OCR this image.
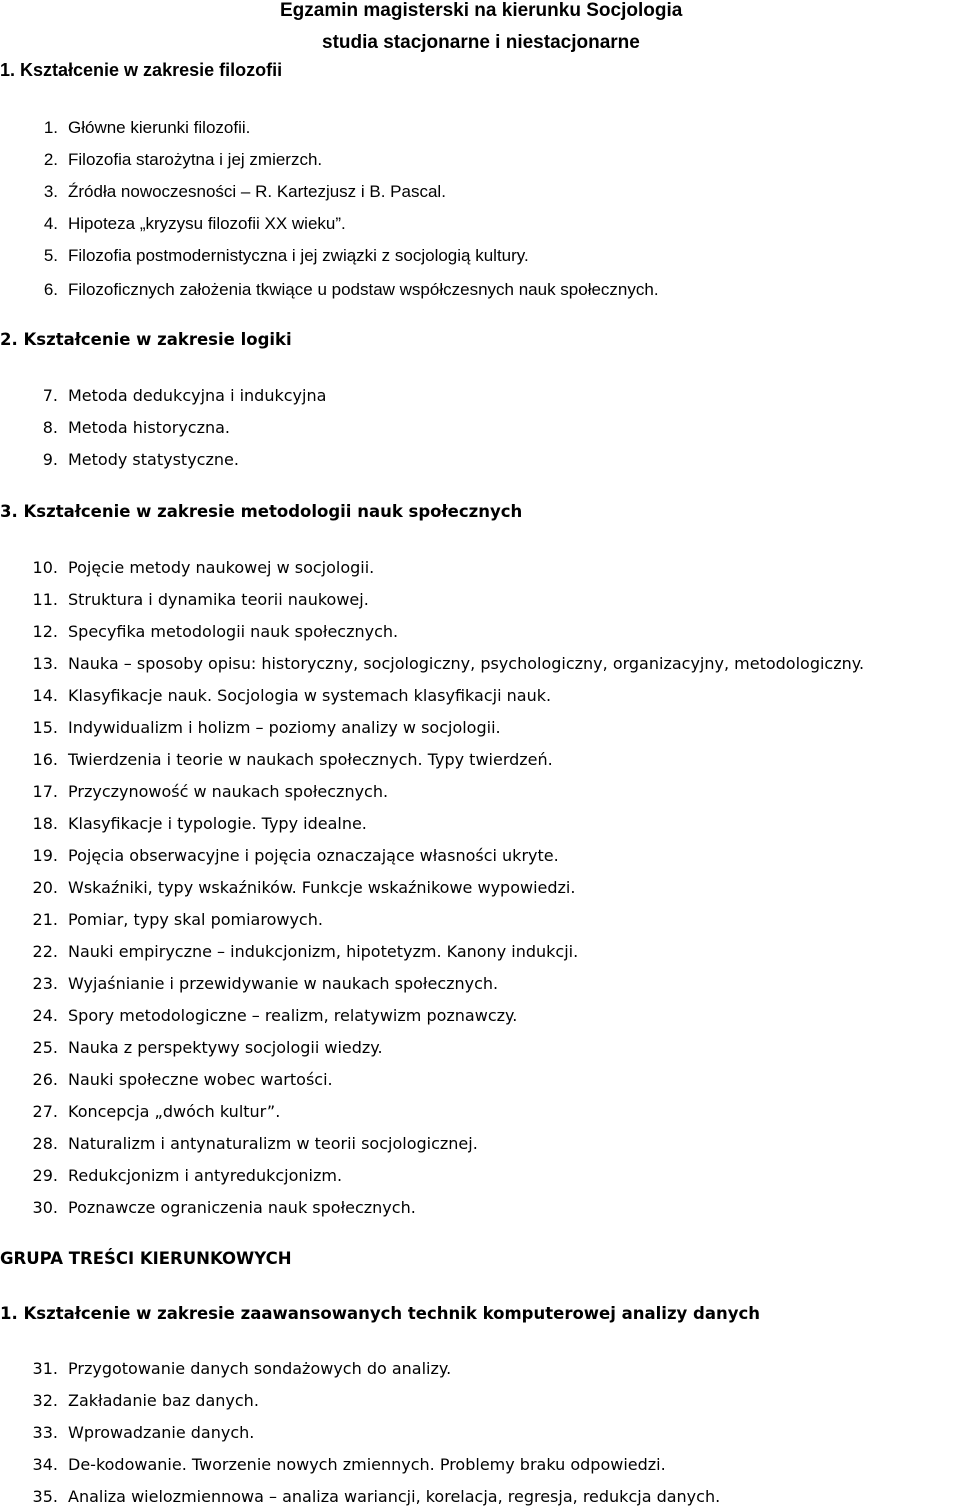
Egzamin magisterski na kierunku Socjologia
studia stacjonarne i niestacjonarne
1. Kształcenie w zakresie filozofii
1. Główne kierunki filozofii.
2. Filozofia starożytna i jej zmierzch.
3. Źródła nowoczesności – R. Kartezjusz i B. Pascal.
4. Hipoteza „kryzysu filozofii XX wieku”.
5. Filozofia postmodernistyczna i jej związki z socjologią kultury.
6. Filozoficznych założenia tkwiące u podstaw współczesnych nauk społecznych.
2. Kształcenie w zakresie logiki
7. Metoda dedukcyjna i indukcyjna
8. Metoda historyczna.
9. Metody statystyczne.
3. Kształcenie w zakresie metodologii nauk społecznych
10. Pojęcie metody naukowej w socjologii.
11. Struktura i dynamika teorii naukowej.
12. Specyfika metodologii nauk społecznych.
13. Nauka – sposoby opisu: historyczny, socjologiczny, psychologiczny, organizacyjny, metodologiczny.
14. Klasyfikacje nauk. Socjologia w systemach klasyfikacji nauk.
15. Indywidualizm i holizm – poziomy analizy w socjologii.
16. Twierdzenia i teorie w naukach społecznych. Typy twierdzeń.
17. Przyczynowość w naukach społecznych.
18. Klasyfikacje i typologie. Typy idealne.
19. Pojęcia obserwacyjne i pojęcia oznaczające własności ukryte.
20. Wskaźniki, typy wskaźników. Funkcje wskaźnikowe wypowiedzi.
21. Pomiar, typy skal pomiarowych.
22. Nauki empiryczne – indukcjonizm, hipotetyzm. Kanony indukcji.
23. Wyjaśnianie i przewidywanie w naukach społecznych.
24. Spory metodologiczne – realizm, relatywizm poznawczy.
25. Nauka z perspektywy socjologii wiedzy.
26. Nauki społeczne wobec wartości.
27. Koncepcja „dwóch kultur”.
28. Naturalizm i antynaturalizm w teorii socjologicznej.
29. Redukcjonizm i antyredukcjonizm.
30. Poznawcze ograniczenia nauk społecznych.
GRUPA TREŚCI KIERUNKOWYCH
1. Kształcenie w zakresie zaawansowanych technik komputerowej analizy danych
31. Przygotowanie danych sondażowych do analizy.
32. Zakładanie baz danych.
33. Wprowadzanie danych.
34. De-kodowanie. Tworzenie nowych zmiennych. Problemy braku odpowiedzi.
35. Analiza wielozmiennowa – analiza wariancji, korelacja, regresja, redukcja danych.
